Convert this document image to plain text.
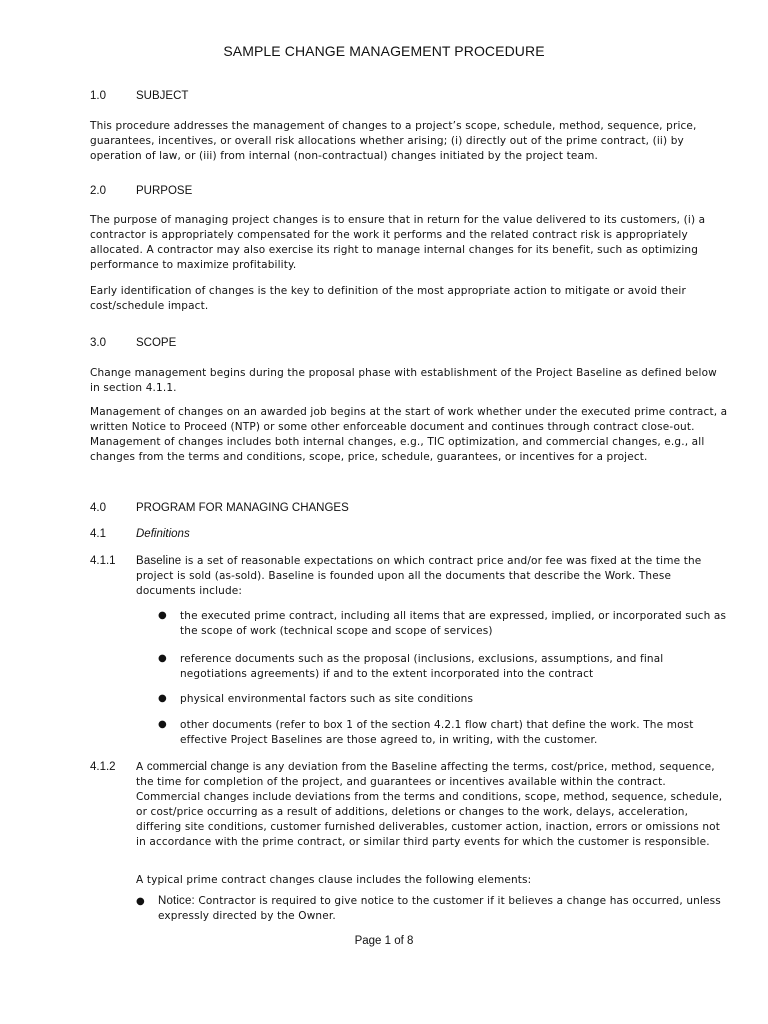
SAMPLE CHANGE MANAGEMENT PROCEDURE
1.0	SUBJECT

This procedure addresses the management of changes to a project’s scope, schedule, method, sequence, price, guarantees, incentives, or overall risk allocations whether arising; (i) directly out of the prime contract, (ii) by operation of law, or (iii) from internal (non-contractual) changes initiated by the project team.

2.0	PURPOSE

The purpose of managing project changes is to ensure that in return for the value delivered to its customers, (i) a contractor is appropriately compensated for the work it performs and the related contract risk is appropriately allocated. A contractor may also exercise its right to manage internal changes for its benefit, such as optimizing performance to maximize profitability.

Early identification of changes is the key to definition of the most appropriate action to mitigate or avoid their cost/schedule impact.

3.0	SCOPE

Change management begins during the proposal phase with establishment of the Project Baseline as defined below in section 4.1.1.

Management of changes on an awarded job begins at the start of work whether under the executed prime contract, a written Notice to Proceed (NTP) or some other enforceable document and continues through contract close-out. Management of changes includes both internal changes, e.g., TIC optimization, and commercial changes, e.g., all changes from the terms and conditions, scope, price, schedule, guarantees, or incentives for a project.

4.0	PROGRAM FOR MANAGING CHANGES
4.1	Definitions
4.1.1 Baseline is a set of reasonable expectations on which contract price and/or fee was fixed at the time the project is sold (as-sold). Baseline is founded upon all the documents that describe the Work. These documents include:

● the executed prime contract, including all items that are expressed, implied, or incorporated such as the scope of work (technical scope and scope of services)

● reference documents such as the proposal (inclusions, exclusions, assumptions, and final negotiations agreements) if and to the extent incorporated into the contract

● physical environmental factors such as site conditions

● other documents (refer to box 1 of the section 4.2.1 flow chart) that define the work. The most effective Project Baselines are those agreed to, in writing, with the customer.

4.1.2 A commercial change is any deviation from the Baseline affecting the terms, cost/price, method, sequence, the time for completion of the project, and guarantees or incentives available within the contract. Commercial changes include deviations from the terms and conditions, scope, method, sequence, schedule, or cost/price occurring as a result of additions, deletions or changes to the work, delays, acceleration, differing site conditions, customer furnished deliverables, customer action, inaction, errors or omissions not in accordance with the prime contract, or similar third party events for which the customer is responsible.

A typical prime contract changes clause includes the following elements:

● Notice: Contractor is required to give notice to the customer if it believes a change has occurred, unless expressly directed by the Owner.

Page 1 of 8
